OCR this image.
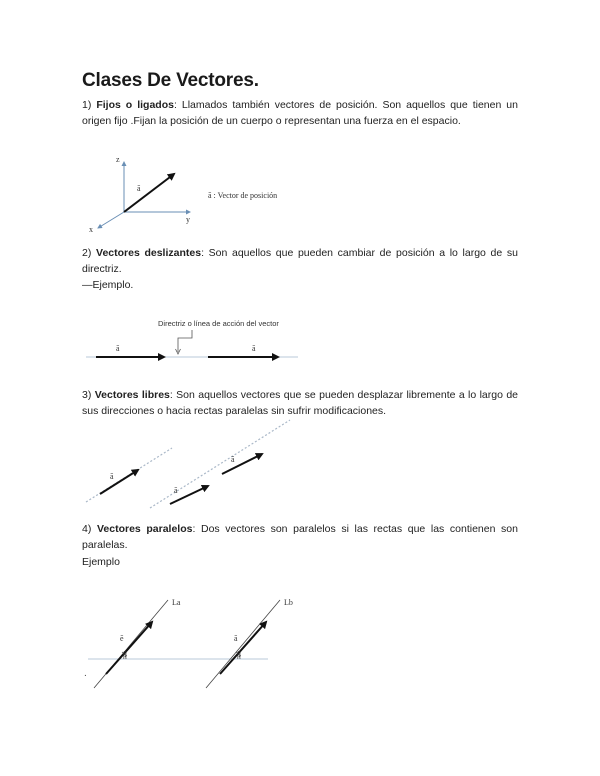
Clases De Vectores.

1) Fijos o ligados: Llamados también vectores de posición. Son aquellos que tienen un origen fijo .Fijan la posición de un cuerpo o representan una fuerza en el espacio.

z
y
x
ā
ā : Vector de posición

2) Vectores deslizantes: Son aquellos que pueden cambiar de posición a lo largo de su directriz.

—Ejemplo.

Directriz o línea de acción del vector
ā	ā

3) Vectores libres: Son aquellos vectores que se pueden desplazar libremente a lo largo de sus direcciones o hacia rectas paralelas sin sufrir modificaciones.

ā
ā
ā

4) Vectores paralelos: Dos vectores son paralelos si las rectas que las contienen son paralelas.

Ejemplo

La	Lb
ē	ā
β	β
.
